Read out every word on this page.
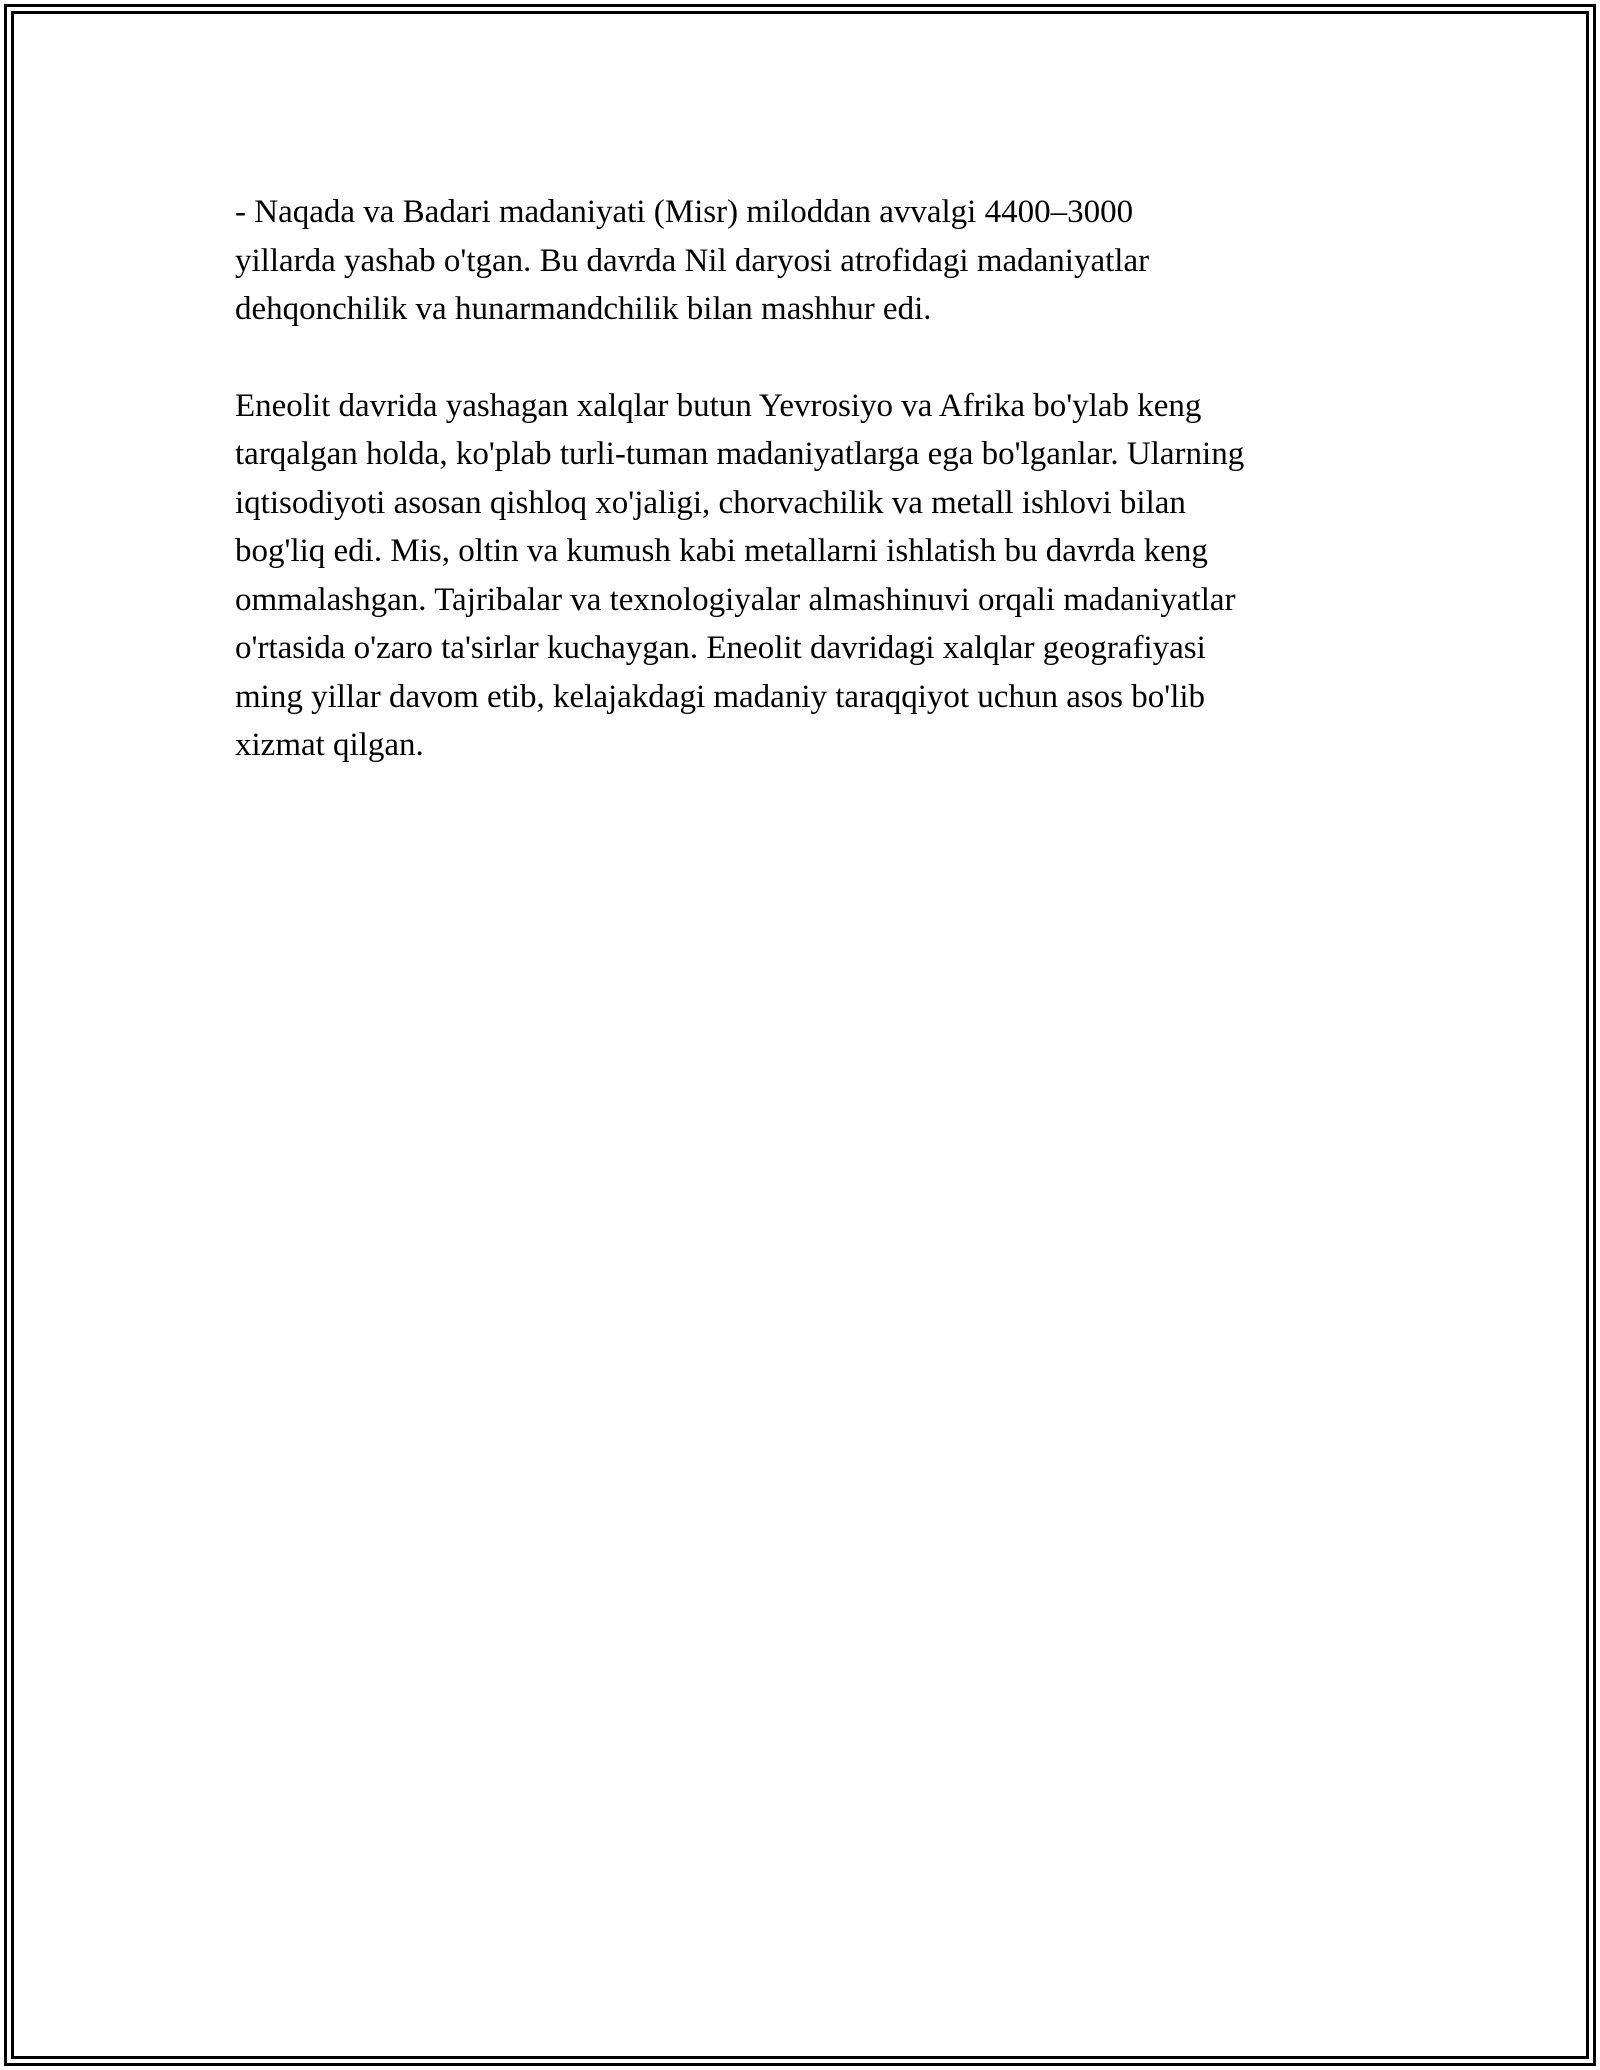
- Naqada va Badari madaniyati (Misr) miloddan avvalgi 4400–3000
yillarda yashab o'tgan. Bu davrda Nil daryosi atrofidagi madaniyatlar
dehqonchilik va hunarmandchilik bilan mashhur edi.

Eneolit davrida yashagan xalqlar butun Yevrosiyo va Afrika bo'ylab keng
tarqalgan holda, ko'plab turli-tuman madaniyatlarga ega bo'lganlar. Ularning
iqtisodiyoti asosan qishloq xo'jaligi, chorvachilik va metall ishlovi bilan
bog'liq edi. Mis, oltin va kumush kabi metallarni ishlatish bu davrda keng
ommalashgan. Tajribalar va texnologiyalar almashinuvi orqali madaniyatlar
o'rtasida o'zaro ta'sirlar kuchaygan. Eneolit davridagi xalqlar geografiyasi
ming yillar davom etib, kelajakdagi madaniy taraqqiyot uchun asos bo'lib
xizmat qilgan.
